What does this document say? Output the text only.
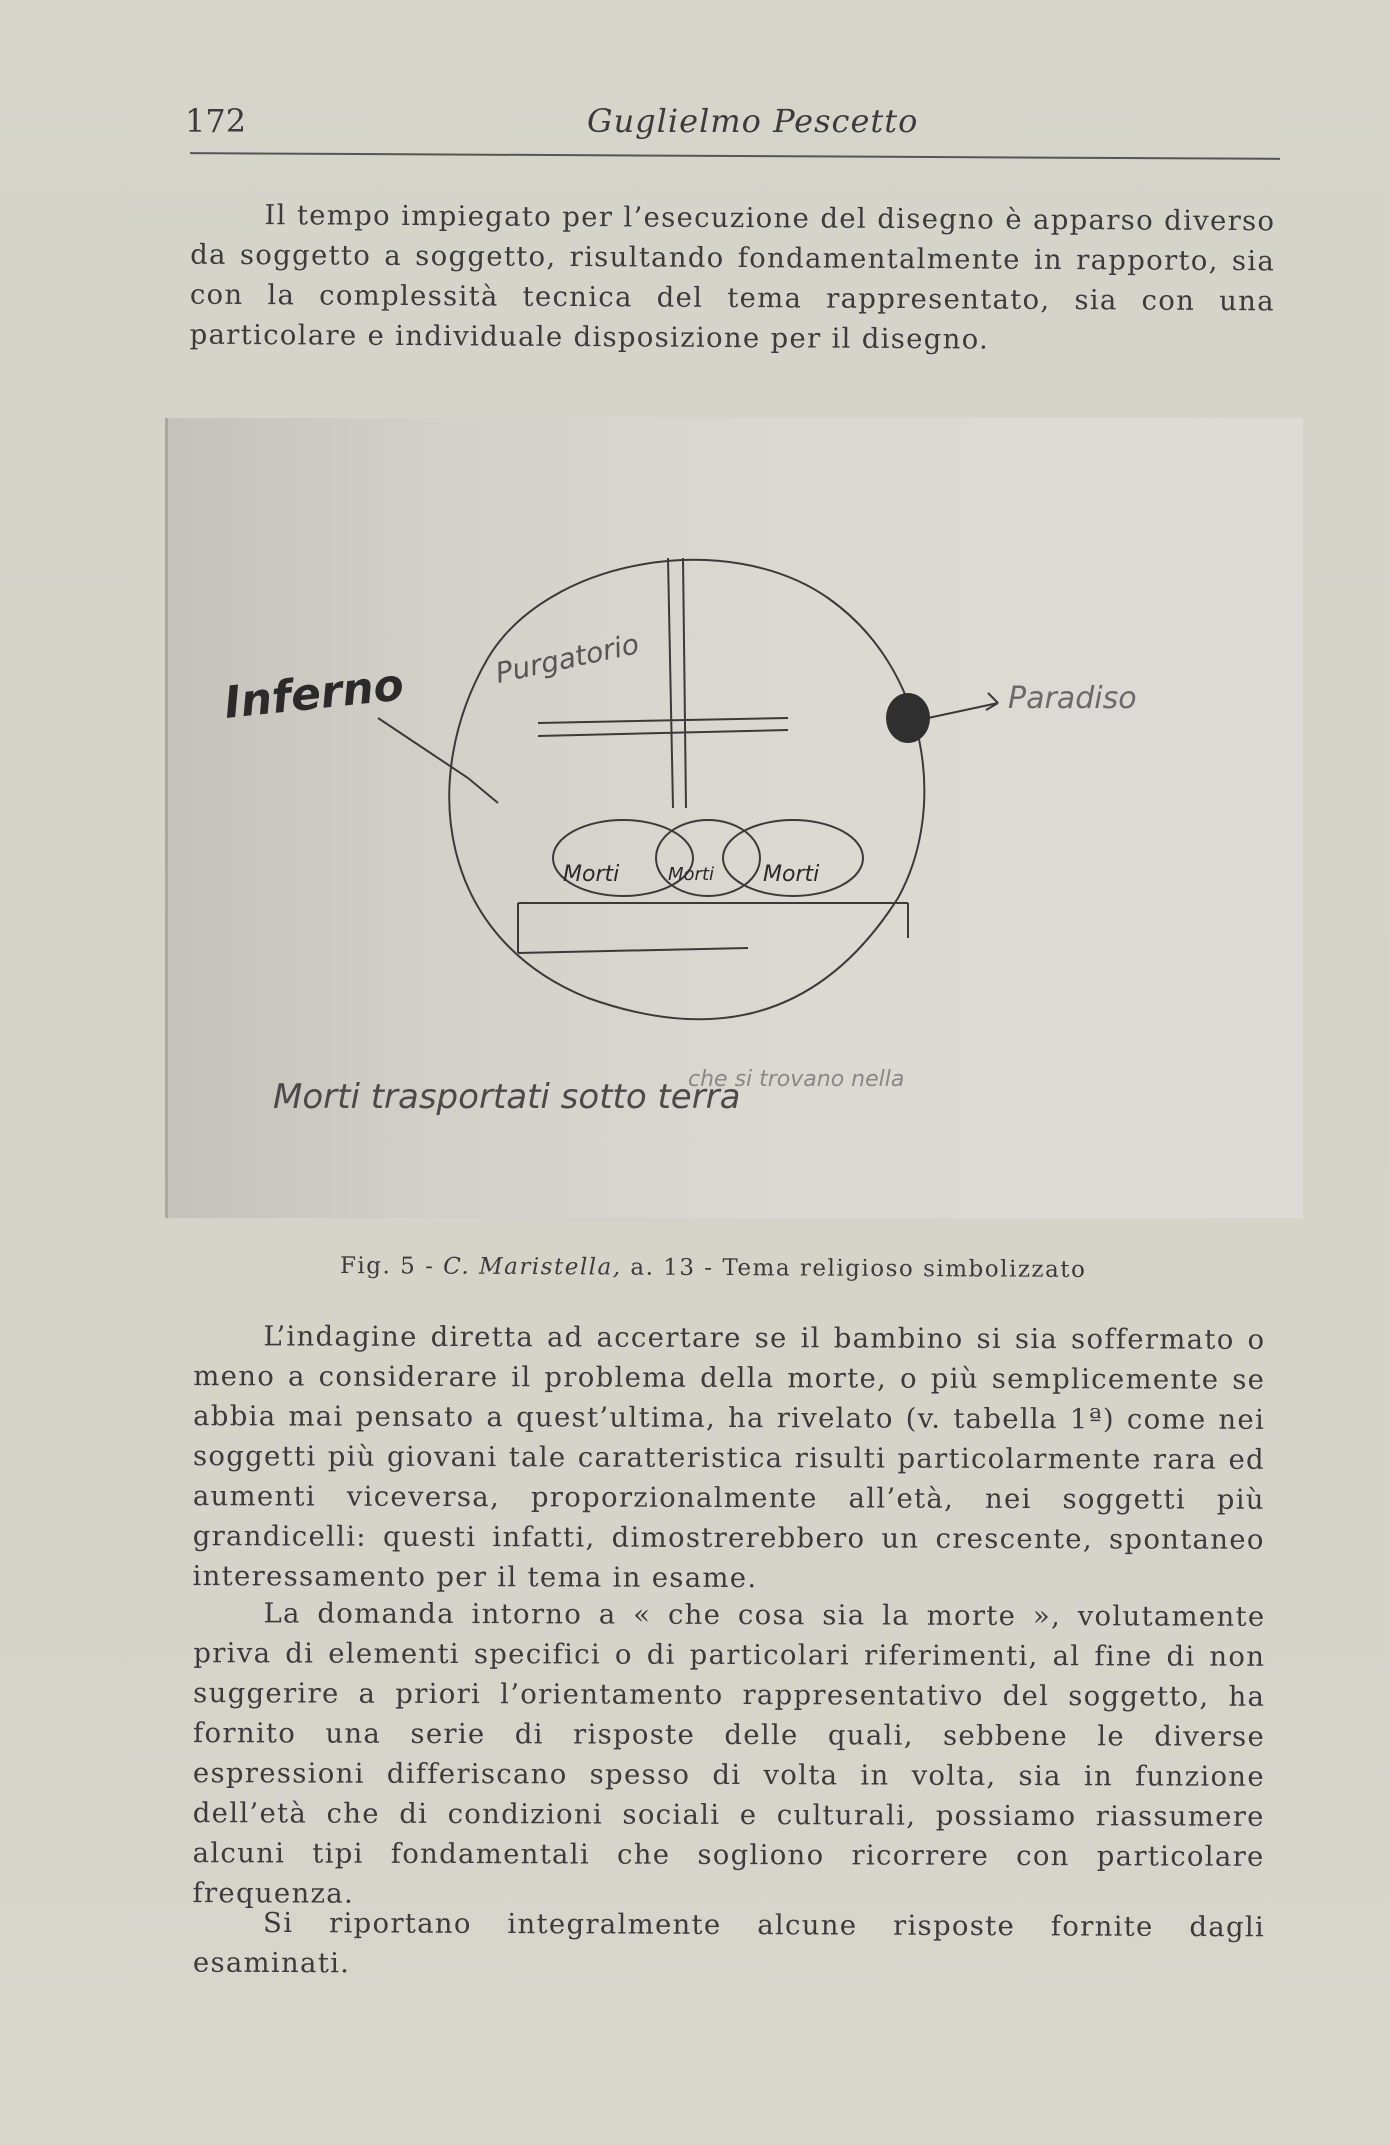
172	Guglielmo Pescetto

Il tempo impiegato per l’esecuzione del disegno è apparso diverso da soggetto a soggetto, risultando fondamentalmente in rapporto, sia con la complessità tecnica del tema rappresentato, sia con una particolare e individuale disposizione per il disegno.

Inferno	Paradiso
Purgatorio
Morti	Morti Morti
che si trovano nella
Morti trasportati sotto terra
Fig. 5 - C. Maristella, a. 13 - Tema religioso simbolizzato

L’indagine diretta ad accertare se il bambino si sia soffermato o meno a considerare il problema della morte, o più semplicemente se abbia mai pensato a quest’ultima, ha rivelato (v. tabella 1ª) come nei soggetti più giovani tale caratteristica risulti particolarmente rara ed aumenti viceversa, proporzionalmente all’età, nei soggetti più grandicelli: questi infatti, dimostrerebbero un crescente, spontaneo interessamento per il tema in esame.

La domanda intorno a « che cosa sia la morte », volutamente priva di elementi specifici o di particolari riferimenti, al fine di non suggerire a priori l’orientamento rappresentativo del soggetto, ha fornito una serie di risposte delle quali, sebbene le diverse espressioni differiscano spesso di volta in volta, sia in funzione dell’età che di condizioni sociali e culturali, possiamo riassumere alcuni tipi fondamentali che sogliono ricorrere con particolare frequenza.

Si riportano integralmente alcune risposte fornite dagli esaminati.
